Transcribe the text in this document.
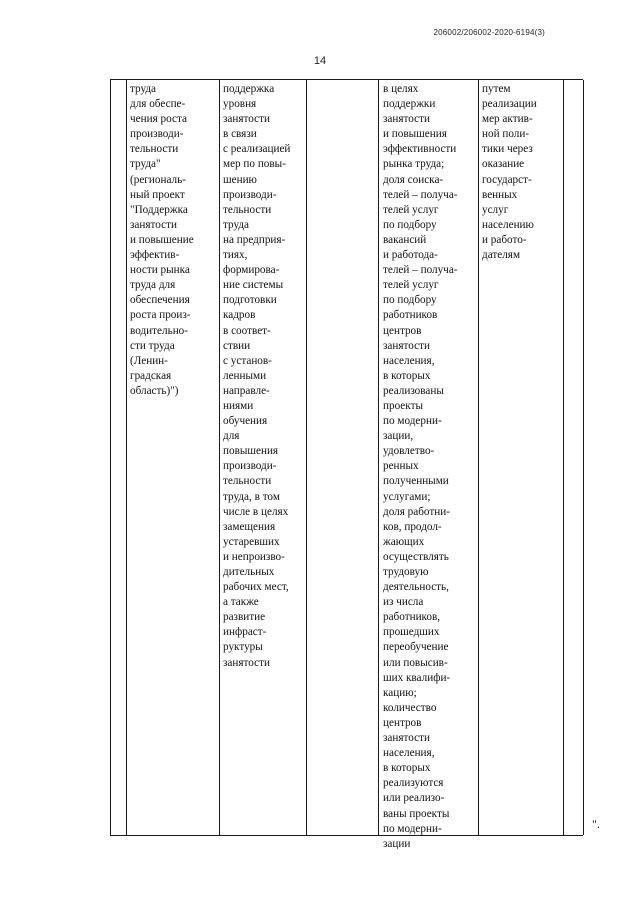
206002/206002-2020-6194(3)
14
труда
для обеспе-
чения роста
производи-
тельности
труда"
(региональ-
ный проект
"Поддержка
занятости
и повышение
эффектив-
ности рынка
труда для
обеспечения
роста произ-
водительно-
сти труда
(Ленин-
градская
область)")
поддержка
уровня
занятости
в связи
с реализацией
мер по повы-
шению
производи-
тельности
труда
на предприя-
тиях,
формирова-
ние системы
подготовки
кадров
в соответ-
ствии
с установ-
ленными
направле-
ниями
обучения
для
повышения
производи-
тельности
труда, в том
числе в целях
замещения
устаревших
и непроизво-
дительных
рабочих мест,
а также
развитие
инфраст-
руктуры
занятости
в целях
поддержки
занятости
и повышения
эффективности
рынка труда;
доля соиска-
телей – получа-
телей услуг
по подбору
вакансий
и работода-
телей – получа-
телей услуг
по подбору
работников
центров
занятости
населения,
в которых
реализованы
проекты
по модерни-
зации,
удовлетво-
ренных
полученными
услугами;
доля работни-
ков, продол-
жающих
осуществлять
трудовую
деятельность,
из числа
работников,
прошедших
переобучение
или повысив-
ших квалифи-
кацию;
количество
центров
занятости
населения,
в которых
реализуются
или реализо-
ваны проекты
по модерни-
зации
путем
реализации
мер актив-
ной поли-
тики через
оказание
государст-
венных
услуг
населению
и работо-
дателям
".
